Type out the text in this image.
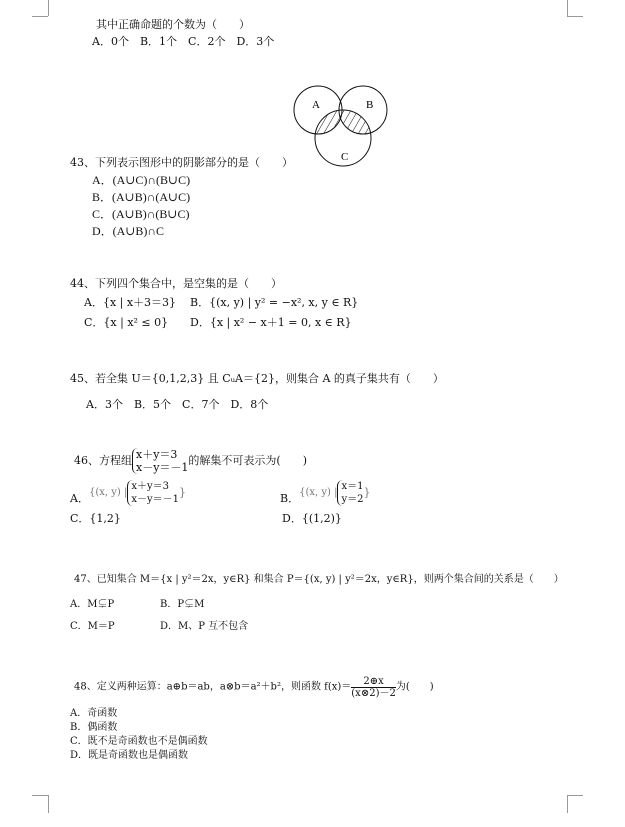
其中正确命题的个数为（　　）
A．0个　B．1个　C．2个　D．3个
A	B
C
43、下列表示图形中的阴影部分的是（　　）
A．(A∪C)∩(B∪C)
B．(A∪B)∩(A∪C)
C．(A∪B)∩(B∪C)
D．(A∪B)∩C
44、下列四个集合中，是空集的是（　　）
A．{x | x＋3＝3} B．{(x, y) | y² = −x², x, y ∈ R}
C．{x | x² ≤ 0} D．{x | x² − x＋1 = 0, x ∈ R}
45、若全集 U＝{0,1,2,3} 且 CᵤA＝{2}，则集合 A 的真子集共有（　　）
A．3个　B．5个　C．7个　D．8个
46、方程组 x＋y＝3
x－y＝－1
的解集不可表示为(　　)
A．{(x, y) |
x＋y＝3
x－y＝－1
}	B．{(x, y) |
x＝1
y＝2
}
C．{1,2}	D．{(1,2)}
47、已知集合 M＝{x | y²＝2x，y∈R} 和集合 P＝{(x, y) | y²＝2x，y∈R}，则两个集合间的关系是（　　）
A．M⊊P	B．P⊊M
C．M＝P	D．M、P 互不包含
48、定义两种运算：a⊕b＝ab，a⊗b＝a²＋b²，则函数 $f(x)= \frac{2\oplus x}{(x\otimes 2)-2}$ 为(　　)
A．奇函数
B．偶函数
C．既不是奇函数也不是偶函数
D．既是奇函数也是偶函数
